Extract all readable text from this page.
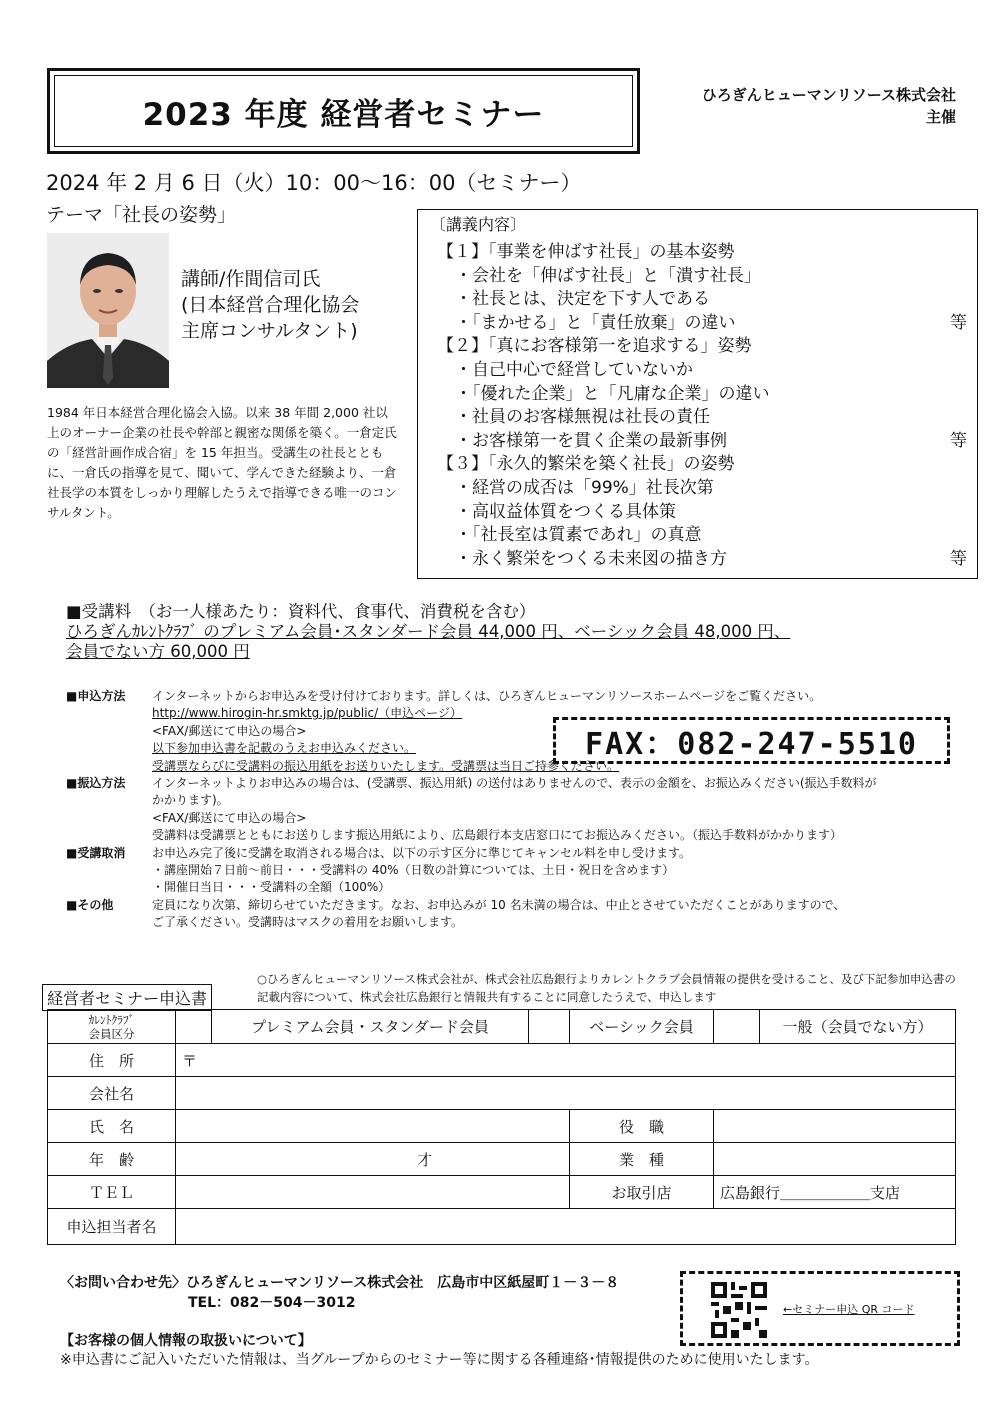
2023 年度 経営者セミナー
ひろぎんヒューマンリソース株式会社
主催
2024 年 2 月 6 日（火）10：00〜16：00（セミナー）
テーマ「社長の姿勢」
講師/作間信司氏
(日本経営合理化協会
主席コンサルタント)
1984 年日本経営合理化協会入協。以来 38 年間 2,000 社以上のオーナー企業の社長や幹部と親密な関係を築く。一倉定氏の「経営計画作成合宿」を 15 年担当。受講生の社長とともに、一倉氏の指導を見て、聞いて、学んできた経験より、一倉社長学の本質をしっかり理解したうえで指導できる唯一のコンサルタント。
〔講義内容〕
【１】「事業を伸ばす社長」の基本姿勢
・会社を「伸ばす社長」と「潰す社長」
・社長とは、決定を下す人である
・「まかせる」と「責任放棄」の違い	等
【２】「真にお客様第一を追求する」姿勢
・自己中心で経営していないか
・「優れた企業」と「凡庸な企業」の違い
・社員のお客様無視は社長の責任
・お客様第一を貫く企業の最新事例	等
【３】「永久的繁栄を築く社長」の姿勢
・経営の成否は「99%」社長次第
・高収益体質をつくる具体策
・「社長室は質素であれ」の真意
・永く繁栄をつくる未来図の描き方	等
■受講料　（お一人様あたり：資料代、食事代、消費税を含む）
ひろぎんｶﾚﾝﾄｸﾗﾌﾞ のプレミアム会員･スタンダード会員 44,000 円、ベーシック会員 48,000 円、
会員でない方 60,000 円
■申込方法	インターネットからお申込みを受け付けております。詳しくは、ひろぎんヒューマンリソースホームページをご覧ください。
http://www.hirogin-hr.smktg.jp/public/（申込ページ）
<FAX/郵送にて申込の場合>
以下参加申込書を記載のうえお申込みください。
受講票ならびに受講料の振込用紙をお送りいたします。受講票は当日ご持参ください。
■振込方法	インターネットよりお申込みの場合は、(受講票、振込用紙) の送付はありませんので、表示の金額を、お振込みください(振込手数料が
かかります)。
<FAX/郵送にて申込の場合>
受講料は受講票とともにお送りします振込用紙により、広島銀行本支店窓口にてお振込みください。（振込手数料がかかります）
■受講取消	お申込み完了後に受講を取消される場合は、以下の示す区分に準じてキャンセル料を申し受けます。
・講座開始７日前〜前日・・・受講料の 40%（日数の計算については、土日・祝日を含めます）
・開催日当日・・・受講料の全額（100%）
■その他	定員になり次第、締切らせていただきます。なお、お申込みが 10 名未満の場合は、中止とさせていただくことがありますので、
ご了承ください。受講時はマスクの着用をお願いします。
FAX：082-247-5510
経営者セミナー申込書
○ひろぎんヒューマンリソース株式会社が、株式会社広島銀行よりカレントクラブ会員情報の提供を受けること、及び下記参加申込書の記載内容について、株式会社広島銀行と情報共有することに同意したうえで、申込します
ｶﾚﾝﾄｸﾗﾌﾞ
会員区分		プレミアム会員・スタンダード会員		ベーシック会員		一般（会員でない方）
住　所	〒					
会社名						
氏　名				役　職		
年　齢	才			業　種		
ＴＥＬ				お取引店	広島銀行＿＿＿＿＿＿支店	
申込担当者名						
〈お問い合わせ先〉ひろぎんヒューマンリソース株式会社　広島市中区紙屋町１－３－８
TEL：082－504－3012	←セミナー申込 QR コード
【お客様の個人情報の取扱いについて】
※申込書にご記入いただいた情報は、当グループからのセミナー等に関する各種連絡･情報提供のために使用いたします。
